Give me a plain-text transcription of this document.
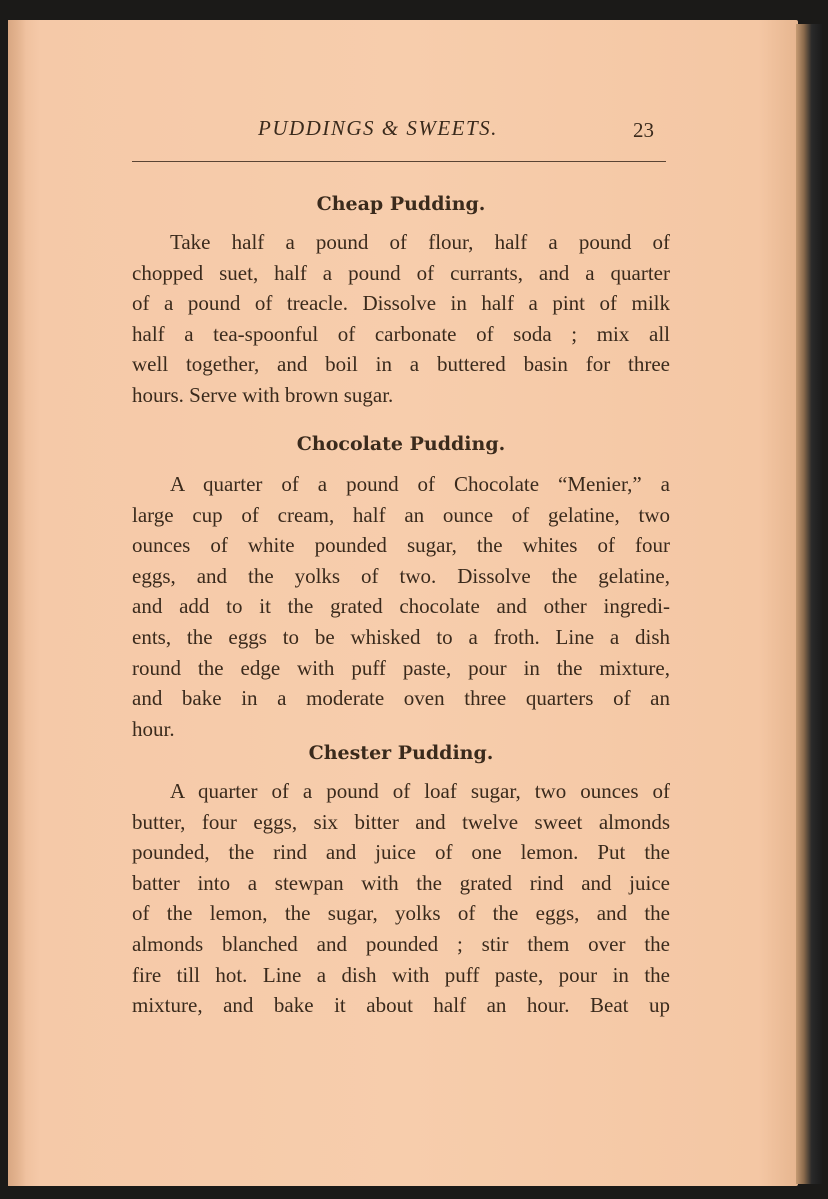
PUDDINGS & SWEETS.	23
Cheap Pudding.
Take half a pound of flour, half a pound of
chopped suet, half a pound of currants, and a quarter
of a pound of treacle. Dissolve in half a pint of milk
half a tea-spoonful of carbonate of soda ; mix all
well together, and boil in a buttered basin for three
hours. Serve with brown sugar.
Chocolate Pudding.
A quarter of a pound of Chocolate “Menier,” a
large cup of cream, half an ounce of gelatine, two
ounces of white pounded sugar, the whites of four
eggs, and the yolks of two. Dissolve the gelatine,
and add to it the grated chocolate and other ingredi-
ents, the eggs to be whisked to a froth. Line a dish
round the edge with puff paste, pour in the mixture,
and bake in a moderate oven three quarters of an
hour.
Chester Pudding.
A quarter of a pound of loaf sugar, two ounces of
butter, four eggs, six bitter and twelve sweet almonds
pounded, the rind and juice of one lemon. Put the
batter into a stewpan with the grated rind and juice
of the lemon, the sugar, yolks of the eggs, and the
almonds blanched and pounded ; stir them over the
fire till hot. Line a dish with puff paste, pour in the
mixture, and bake it about half an hour. Beat up
